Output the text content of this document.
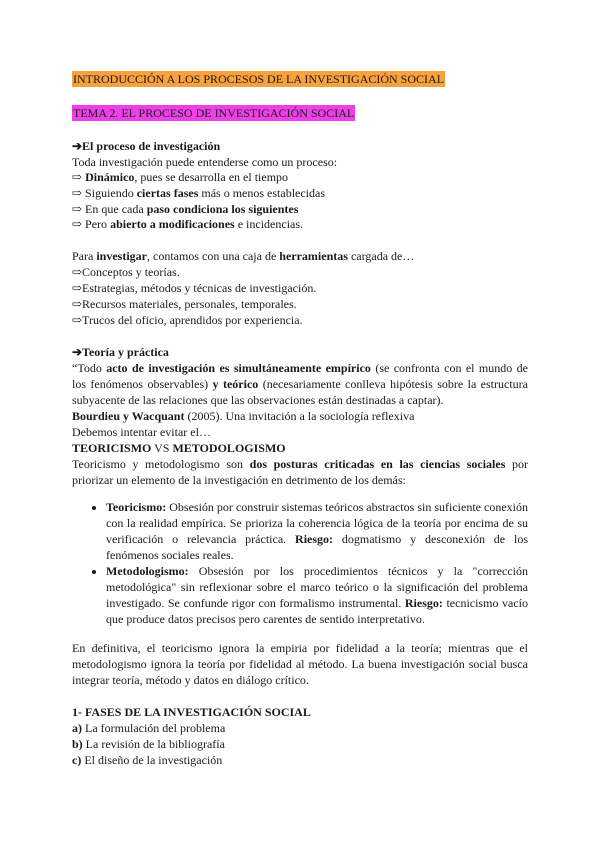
INTRODUCCIÓN A LOS PROCESOS DE LA INVESTIGACIÓN SOCIAL
TEMA 2. EL PROCESO DE INVESTIGACIÓN SOCIAL
➔El proceso de investigación
Toda investigación puede entenderse como un proceso:
⇨ Dinámico, pues se desarrolla en el tiempo
⇨ Siguiendo ciertas fases más o menos establecidas
⇨ En que cada paso condiciona los siguientes
⇨ Pero abierto a modificaciones e incidencias.
Para investigar, contamos con una caja de herramientas cargada de…
⇨Conceptos y teorías.
⇨Estrategias, métodos y técnicas de investigación.
⇨Recursos materiales, personales, temporales.
⇨Trucos del oficio, aprendidos por experiencia.
➔Teoría y práctica
“Todo acto de investigación es simultáneamente empírico (se confronta con el mundo de los fenómenos observables) y teórico (necesariamente conlleva hipótesis sobre la estructura subyacente de las relaciones que las observaciones están destinadas a captar).
Bourdieu y Wacquant (2005). Una invitación a la sociología reflexiva
Debemos intentar evitar el…
TEORICISMO VS METODOLOGISMO
Teoricismo y metodologismo son dos posturas criticadas en las ciencias sociales por priorizar un elemento de la investigación en detrimento de los demás:
• Teoricismo: Obsesión por construir sistemas teóricos abstractos sin suficiente conexión con la realidad empírica. Se prioriza la coherencia lógica de la teoría por encima de su verificación o relevancia práctica. Riesgo: dogmatismo y desconexión de los fenómenos sociales reales.
• Metodologismo: Obsesión por los procedimientos técnicos y la "corrección metodológica" sin reflexionar sobre el marco teórico o la significación del problema investigado. Se confunde rigor con formalismo instrumental. Riesgo: tecnicismo vacío que produce datos precisos pero carentes de sentido interpretativo.
En definitiva, el teoricismo ignora la empiria por fidelidad a la teoría; mientras que el metodologismo ignora la teoría por fidelidad al método. La buena investigación social busca integrar teoría, método y datos en diálogo crítico.
1- FASES DE LA INVESTIGACIÓN SOCIAL
a) La formulación del problema
b) La revisión de la bibliografía
c) El diseño de la investigación
